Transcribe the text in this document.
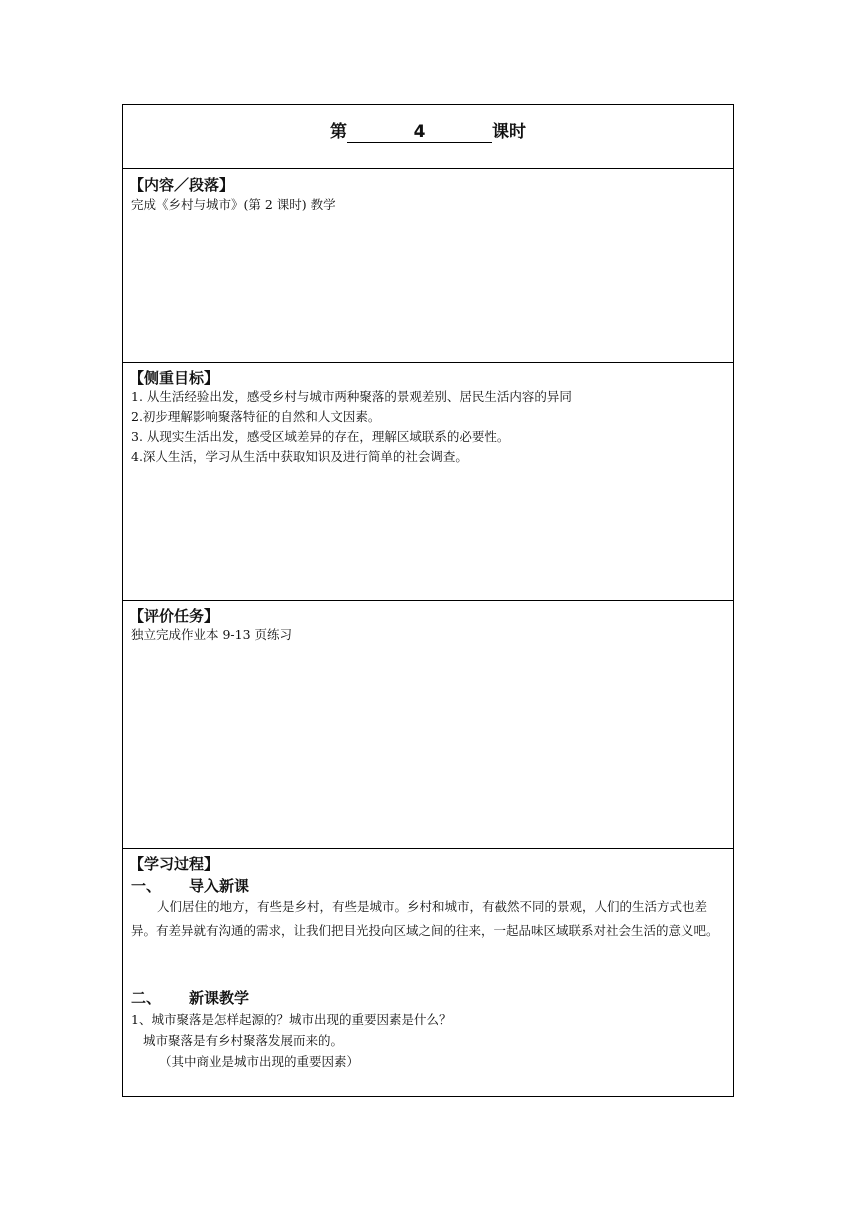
第	4	课时
【内容／段落】
完成《乡村与城市》(第 2 课时) 教学
【侧重目标】
1. 从生活经验出发，感受乡村与城市两种聚落的景观差别、居民生活内容的异同
2.初步理解影响聚落特征的自然和人文因素。
3. 从现实生活出发，感受区域差异的存在，理解区域联系的必要性。
4.深人生活，学习从生活中获取知识及进行简单的社会调查。
【评价任务】
独立完成作业本 9-13 页练习
【学习过程】
一、 导入新课
人们居住的地方，有些是乡村，有些是城市。乡村和城市，有截然不同的景观，人们的生活方式也差异。有差异就有沟通的需求，让我们把目光投向区域之间的往来，一起品味区域联系对社会生活的意义吧。
二、 新课教学
1、城市聚落是怎样起源的？城市出现的重要因素是什么？
城市聚落是有乡村聚落发展而来的。
（其中商业是城市出现的重要因素）
